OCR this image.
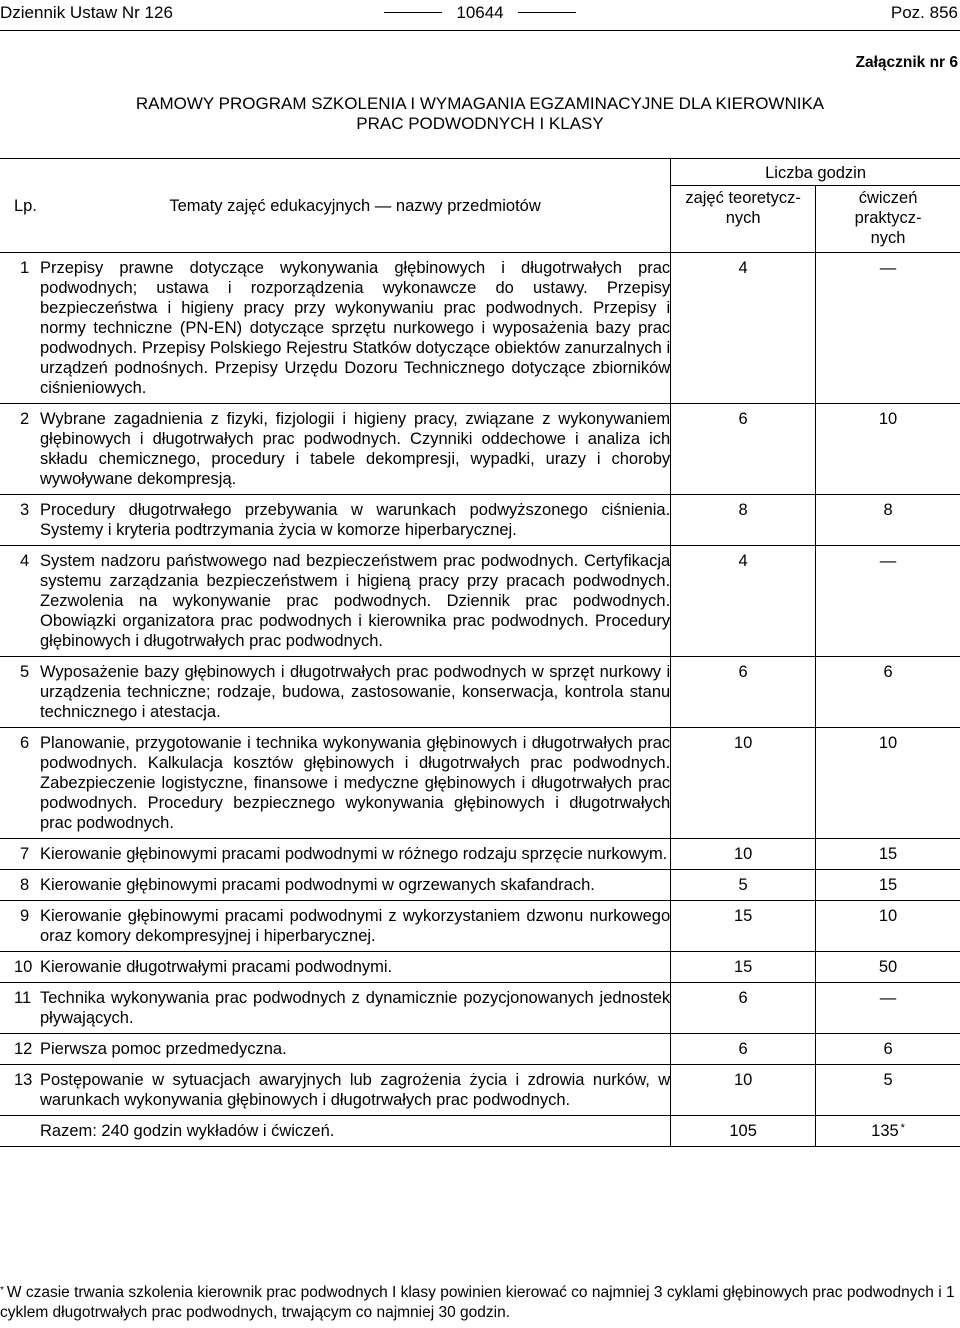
Dziennik Ustaw Nr 126	10644	Poz. 856
Załącznik nr 6
RAMOWY PROGRAM SZKOLENIA I WYMAGANIA EGZAMINACYJNE DLA KIEROWNIKA
PRAC PODWODNYCH I KLASY
Lp.	Tematy zajęć edukacyjnych — nazwy przedmiotów	Liczba godzin	

		zajęć teoretycz-nych	ćwiczeń praktycz-nych

1	Przepisy prawne dotyczące wykonywania głębinowych i długotrwałych prac podwodnych; ustawa i rozporządzenia wykonawcze do ustawy. Przepisy bezpieczeństwa i higieny pracy przy wykonywaniu prac podwodnych. Przepisy i normy techniczne (PN-EN) dotyczące sprzętu nurkowego i wyposażenia bazy prac podwodnych. Przepisy Polskiego Rejestru Statków dotyczące obiektów zanurzalnych i urządzeń podnośnych. Przepisy Urzędu Dozoru Technicznego dotyczące zbiorników ciśnieniowych.	4	—
2	Wybrane zagadnienia z fizyki, fizjologii i higieny pracy, związane z wykonywaniem głębinowych i długotrwałych prac podwodnych. Czynniki oddechowe i analiza ich składu chemicznego, procedury i tabele dekompresji, wypadki, urazy i choroby wywoływane dekompresją.	6	10
3	Procedury długotrwałego przebywania w warunkach podwyższonego ciśnienia. Systemy i kryteria podtrzymania życia w komorze hiperbarycznej.	8	8
4	System nadzoru państwowego nad bezpieczeństwem prac podwodnych. Certyfikacja systemu zarządzania bezpieczeństwem i higieną pracy przy pracach podwodnych. Zezwolenia na wykonywanie prac podwodnych. Dziennik prac podwodnych. Obowiązki organizatora prac podwodnych i kierownika prac podwodnych. Procedury głębinowych i długotrwałych prac podwodnych.	4	—
5	Wyposażenie bazy głębinowych i długotrwałych prac podwodnych w sprzęt nurkowy i urządzenia techniczne; rodzaje, budowa, zastosowanie, konserwacja, kontrola stanu technicznego i atestacja.	6	6
6	Planowanie, przygotowanie i technika wykonywania głębinowych i długotrwałych prac podwodnych. Kalkulacja kosztów głębinowych i długotrwałych prac podwodnych. Zabezpieczenie logistyczne, finansowe i medyczne głębinowych i długotrwałych prac podwodnych. Procedury bezpiecznego wykonywania głębinowych i długotrwałych prac podwodnych.	10	10
7	Kierowanie głębinowymi pracami podwodnymi w różnego rodzaju sprzęcie nurkowym.	10	15
8	Kierowanie głębinowymi pracami podwodnymi w ogrzewanych skafandrach.	5	15
9	Kierowanie głębinowymi pracami podwodnymi z wykorzystaniem dzwonu nurkowego oraz komory dekompresyjnej i hiperbarycznej.	15	10
10	Kierowanie długotrwałymi pracami podwodnymi.	15	50
11	Technika wykonywania prac podwodnych z dynamicznie pozycjonowanych jednostek pływających.	6	—
12	Pierwsza pomoc przedmedyczna.	6	6
13	Postępowanie w sytuacjach awaryjnych lub zagrożenia życia i zdrowia nurków, w warunkach wykonywania głębinowych i długotrwałych prac podwodnych.	10	5
	Razem: 240 godzin wykładów i ćwiczeń.	105	135 *
* W czasie trwania szkolenia kierownik prac podwodnych I klasy powinien kierować co najmniej 3 cyklami głębinowych prac podwodnych i 1 cyklem długotrwałych prac podwodnych, trwającym co najmniej 30 godzin.
